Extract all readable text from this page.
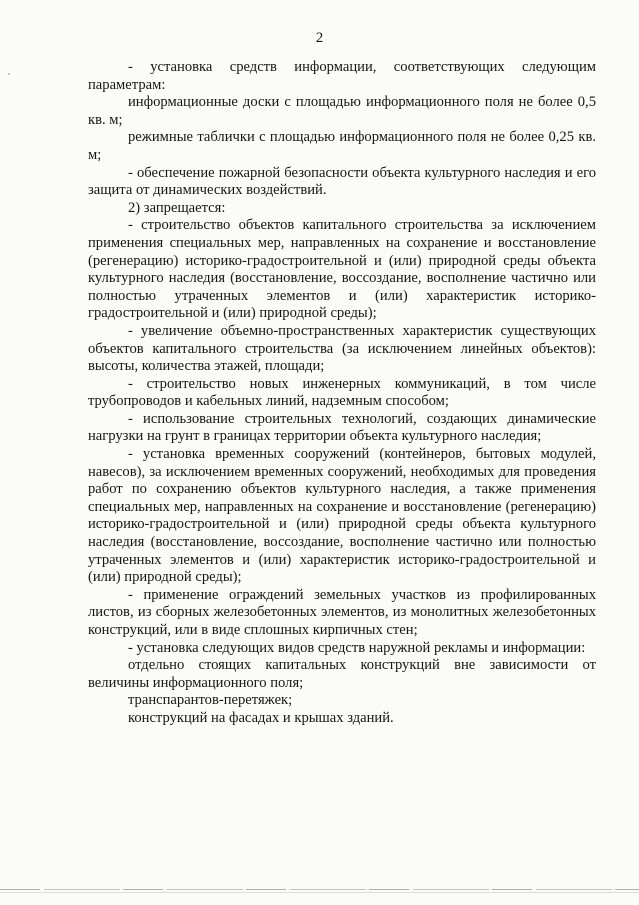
2

- установка средств информации, соответствующих следующим параметрам:

информационные доски с площадью информационного поля не более 0,5 кв. м;

режимные таблички с площадью информационного поля не более 0,25 кв. м;

- обеспечение пожарной безопасности объекта культурного наследия и его защита от динамических воздействий.

2) запрещается:

- строительство объектов капитального строительства за исключением применения специальных мер, направленных на сохранение и восстановление (регенерацию) историко-градостроительной и (или) природной среды объекта культурного наследия (восстановление, воссоздание, восполнение частично или полностью утраченных элементов и (или) характеристик историко-градостроительной и (или) природной среды);

- увеличение объемно-пространственных характеристик существующих объектов капитального строительства (за исключением линейных объектов): высоты, количества этажей, площади;

- строительство новых инженерных коммуникаций, в том числе трубопроводов и кабельных линий, надземным способом;

- использование строительных технологий, создающих динамические нагрузки на грунт в границах территории объекта культурного наследия;

- установка временных сооружений (контейнеров, бытовых модулей, навесов), за исключением временных сооружений, необходимых для проведения работ по сохранению объектов культурного наследия, а также применения специальных мер, направленных на сохранение и восстановление (регенерацию) историко-градостроительной и (или) природной среды объекта культурного наследия (восстановление, воссоздание, восполнение частично или полностью утраченных элементов и (или) характеристик историко-градостроительной и (или) природной среды);

- применение ограждений земельных участков из профилированных листов, из сборных железобетонных элементов, из монолитных железобетонных конструкций, или в виде сплошных кирпичных стен;

- установка следующих видов средств наружной рекламы и информации:

отдельно стоящих капитальных конструкций вне зависимости от величины информационного поля;

транспарантов-перетяжек;

конструкций на фасадах и крышах зданий.
